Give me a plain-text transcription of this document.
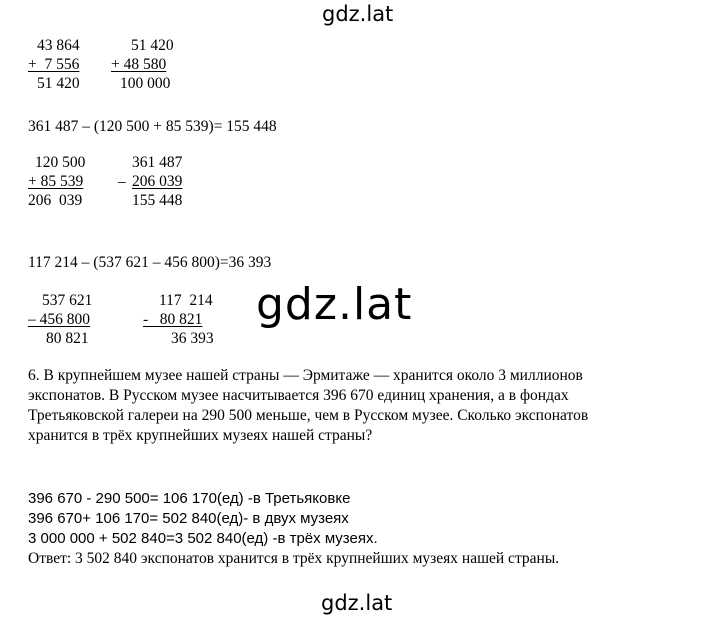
gdz.lat
gdz.lat
gdz.lat
43 864
+  7 556
51 420
51 420
+ 48 580
100 000
361 487 – (120 500 + 85 539)= 155 448
120 500
+ 85 539
206  039
361 487
_ 206 039
155 448
117 214 – (537 621 – 456 800)=36 393
537 621
– 456 800
80 821
117  214
-   80 821
36 393
6. В крупнейшем музее нашей страны — Эрмитаже — хранится около 3 миллионов
экспонатов. В Русском музее насчитывается 396 670 единиц хранения, а в фондах
Третьяковской галереи на 290 500 меньше, чем в Русском музее. Сколько экспонатов
хранится в трёх крупнейших музеях нашей страны?
396 670 - 290 500= 106 170(ед) -в Третьяковке
396 670+ 106 170= 502 840(ед)- в двух музеях
3 000 000 + 502 840=3 502 840(ед) -в трёх музеях.
Ответ: 3 502 840 экспонатов хранится в трёх крупнейших музеях нашей страны.
